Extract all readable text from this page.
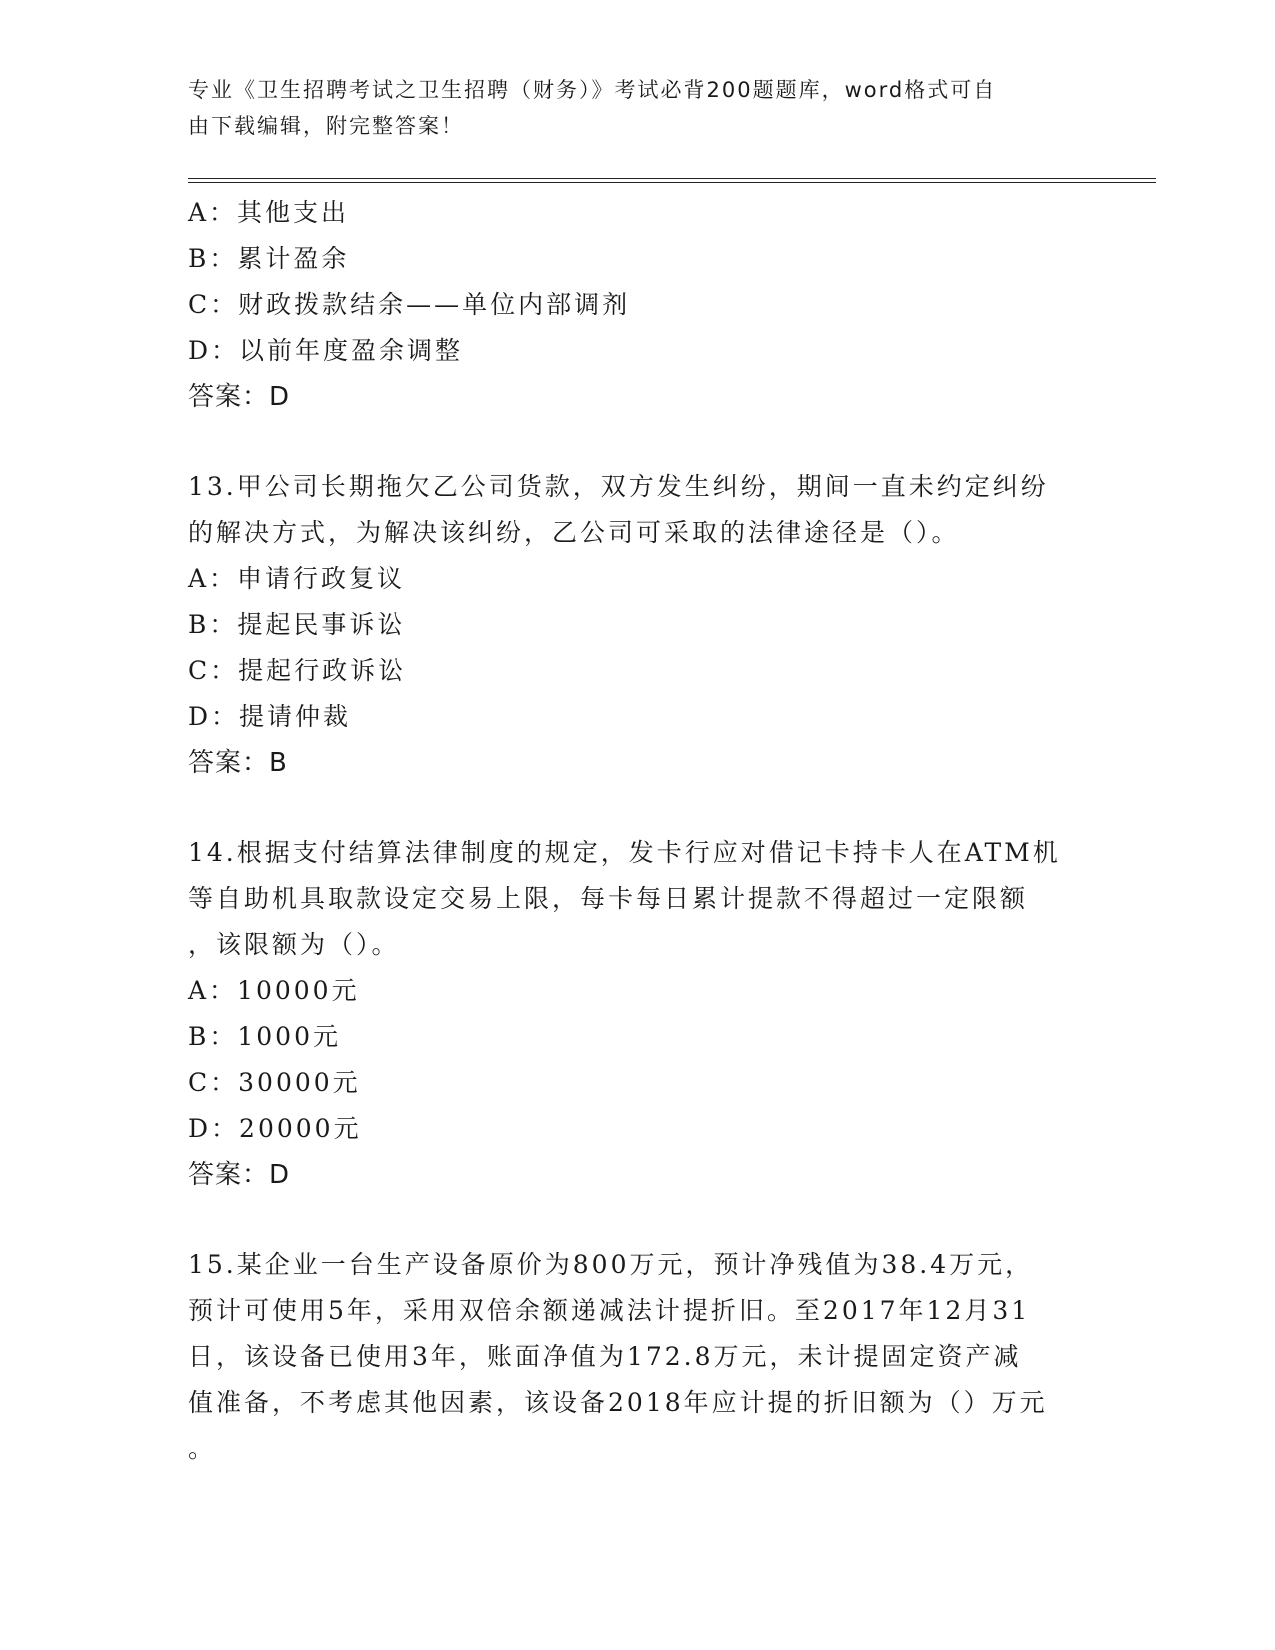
专业《卫生招聘考试之卫生招聘（财务）》考试必背200题题库，word格式可自
由下载编辑，附完整答案！
A：其他支出
B：累计盈余
C：财政拨款结余——单位内部调剂
D：以前年度盈余调整
答案：D
13.甲公司长期拖欠乙公司货款，双方发生纠纷，期间一直未约定纠纷
的解决方式，为解决该纠纷，乙公司可采取的法律途径是（）。
A：申请行政复议
B：提起民事诉讼
C：提起行政诉讼
D：提请仲裁
答案：B
14.根据支付结算法律制度的规定，发卡行应对借记卡持卡人在ATM机
等自助机具取款设定交易上限，每卡每日累计提款不得超过一定限额
，该限额为（）。
A：10000元
B：1000元
C：30000元
D：20000元
答案：D
15.某企业一台生产设备原价为800万元，预计净残值为38.4万元，
预计可使用5年，采用双倍余额递减法计提折旧。至2017年12月31
日，该设备已使用3年，账面净值为172.8万元，未计提固定资产减
值准备，不考虑其他因素，该设备2018年应计提的折旧额为（）万元
。
